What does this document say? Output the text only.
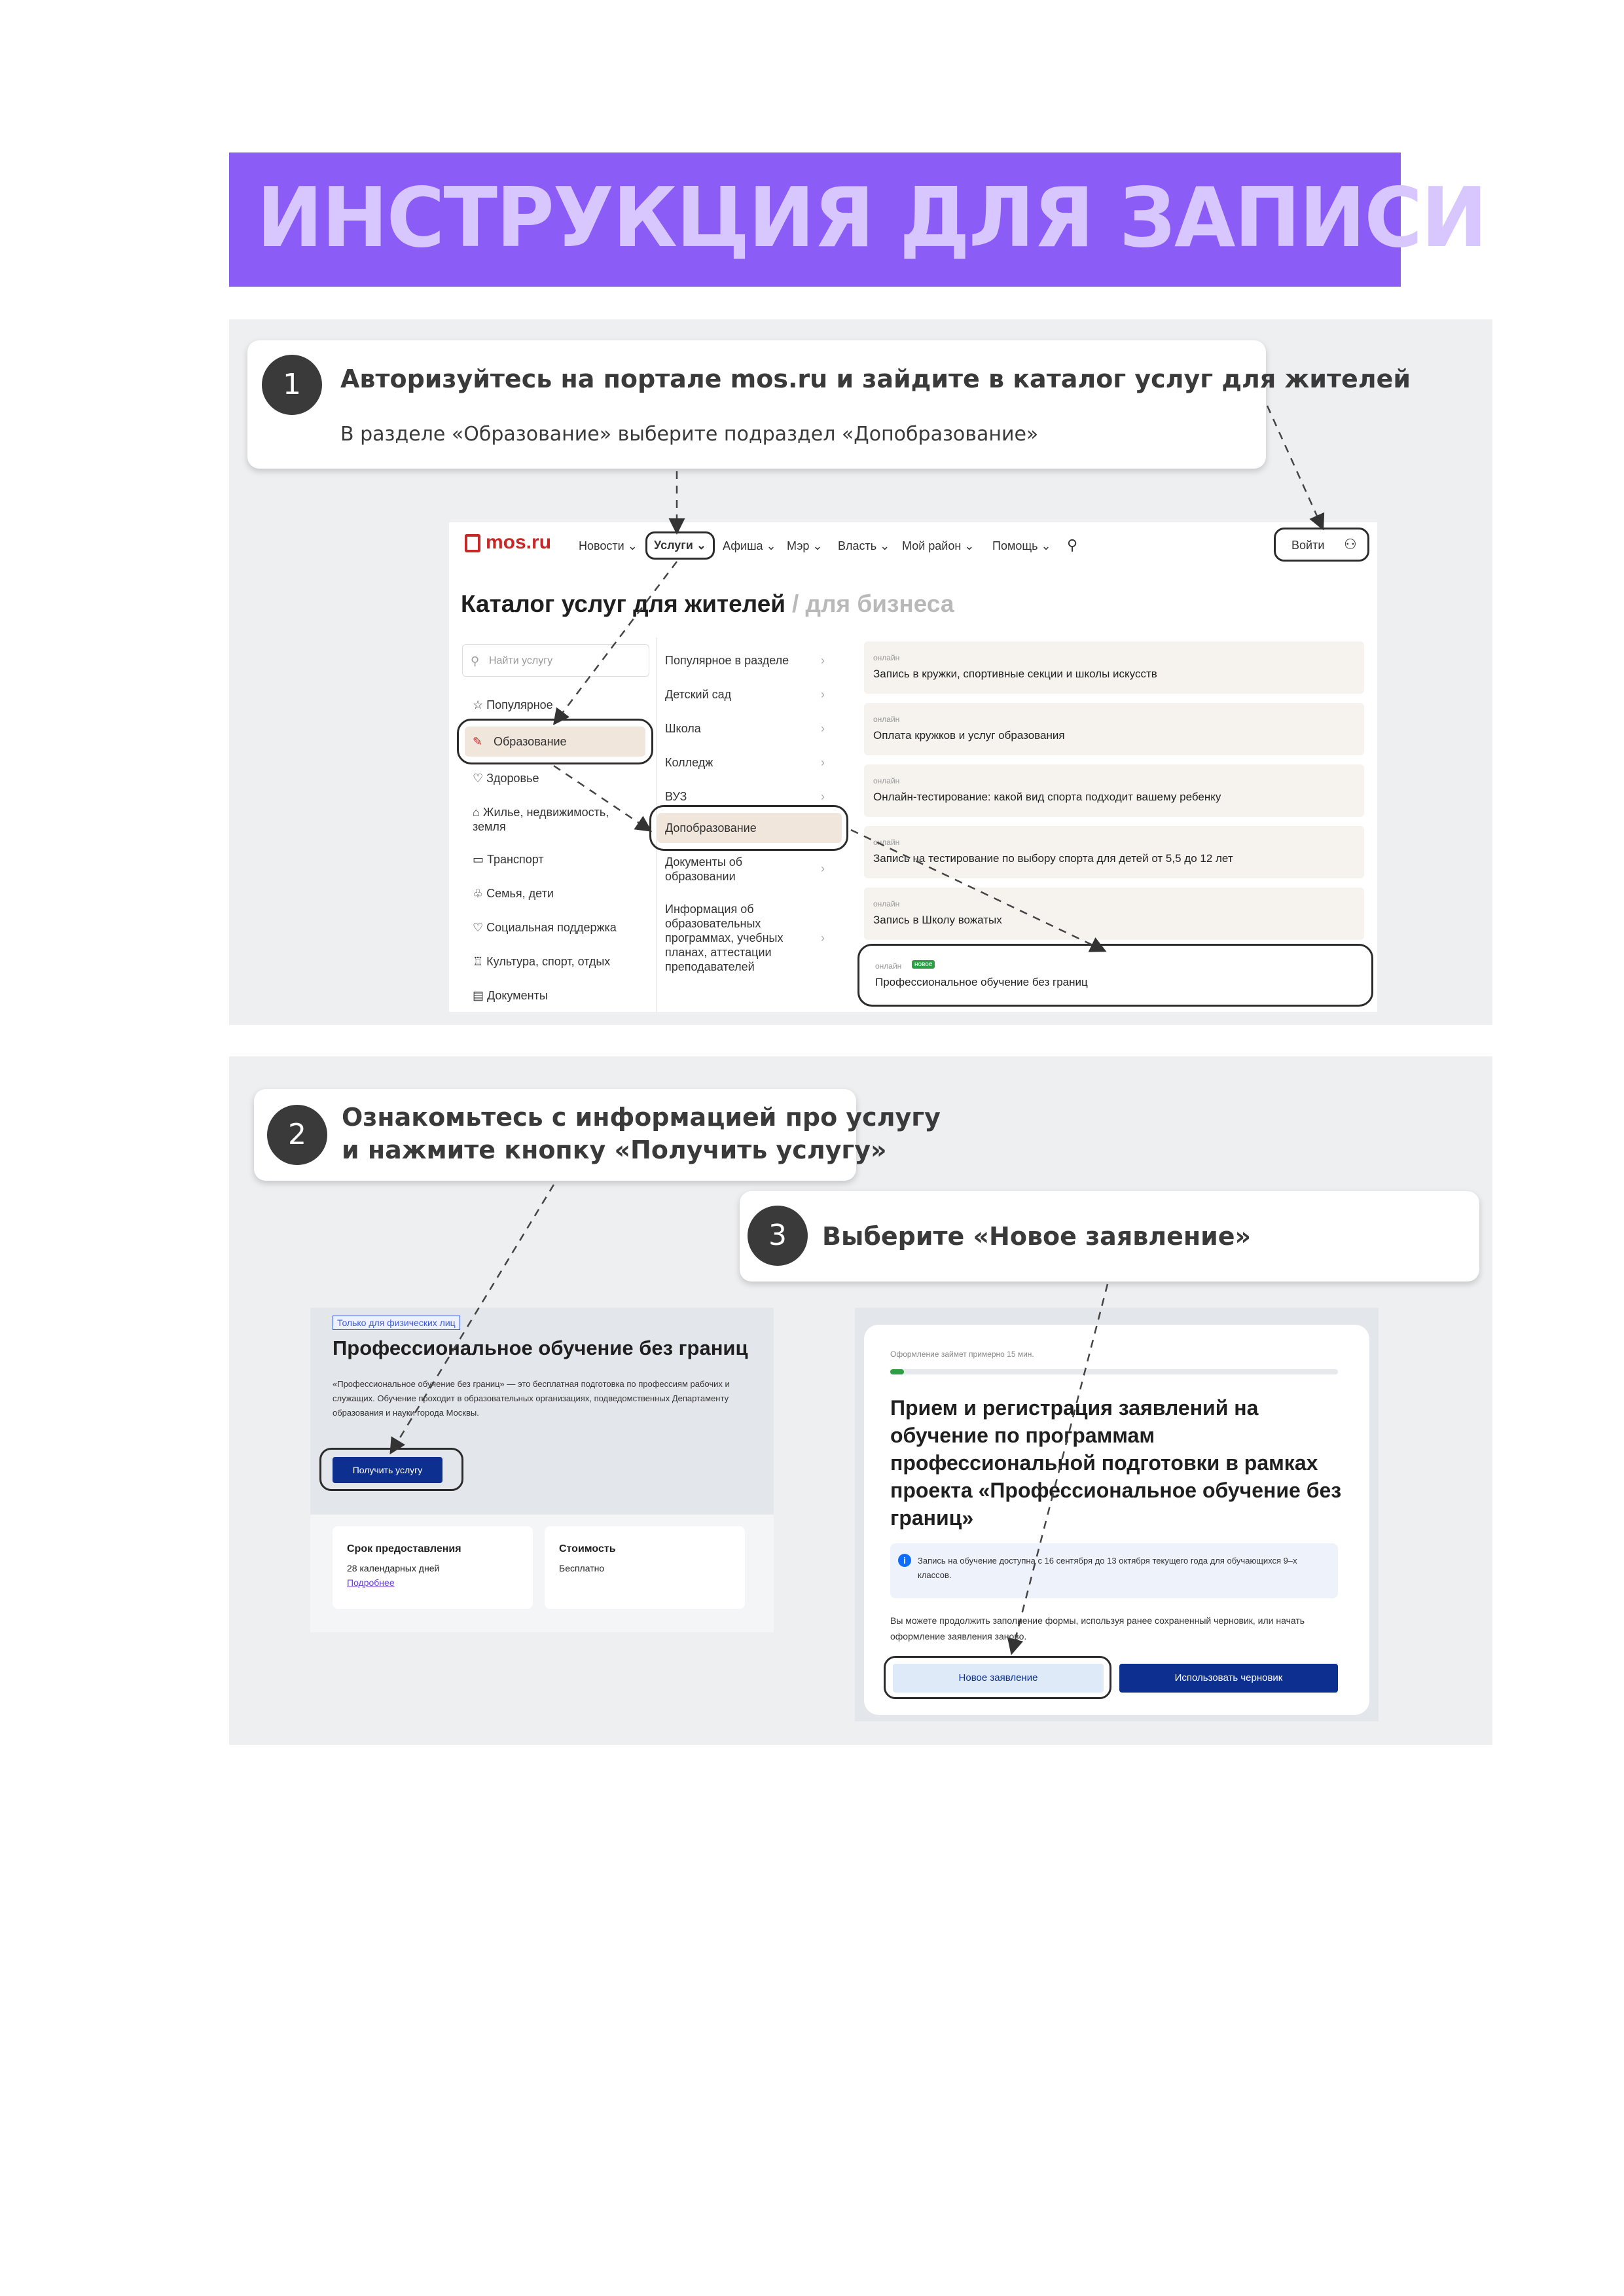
ИНСТРУКЦИЯ ДЛЯ ЗАПИСИ
1	Авторизуйтесь на портале mos.ru и зайдите в каталог услуг для жителей
В разделе «Образование» выберите подраздел «Допобразование»
mos.ru Новости ⌄	Услуги ⌄	Афиша ⌄ Мэр ⌄ Власть ⌄ Мой район ⌄ Помощь ⌄ ⚲	Войти ⚇
Каталог услуг для жителей / для бизнеса
⚲ Найти услугу
☆ Популярное
✎ Образование
♡ Здоровье
⌂ Жилье, недвижимость, земля
▭ Транспорт
♧ Семья, дети
♡ Социальная поддержка
♖ Культура, спорт, отдых
▤ Документы
Популярное в разделе
Детский сад
Школа
Колледж
ВУЗ
Допобразование
Документы об образовании
Информация об образовательных программах, учебных планах, аттестации преподавателей
›
›
›
›
›
›
›
онлайн
Запись в кружки, спортивные секции и школы искусств
онлайн
Оплата кружков и услуг образования
онлайн
Онлайн-тестирование: какой вид спорта подходит вашему ребенку
онлайн
Запись на тестирование по выбору спорта для детей от 5,5 до 12 лет
онлайн
Запись в Школу вожатых
онлайн	новое
Профессиональное обучение без границ
2
Ознакомьтесь с информацией про услугу
и нажмите кнопку «Получить услугу»
3	Выберите «Новое заявление»
Только для физических лиц
Профессиональное обучение без границ
«Профессиональное обучение без границ» — это бесплатная подготовка по профессиям рабочих и служащих. Обучение проходит в образовательных организациях, подведомственных Департаменту образования и науки города Москвы.
Получить услугу
Срок предоставления
28 календарных дней
Подробнее
Стоимость
Бесплатно
Оформление займет примерно 15 мин.
Прием и регистрация заявлений на обучение по программам профессиональной подготовки в рамках проекта «Профессиональное обучение без границ»
i	Запись на обучение доступна с 16 сентября до 13 октября текущего года для обучающихся 9–х классов.
Вы можете продолжить заполнение формы, используя ранее сохраненный черновик, или начать оформление заявления заново.
Новое заявление	Использовать черновик
